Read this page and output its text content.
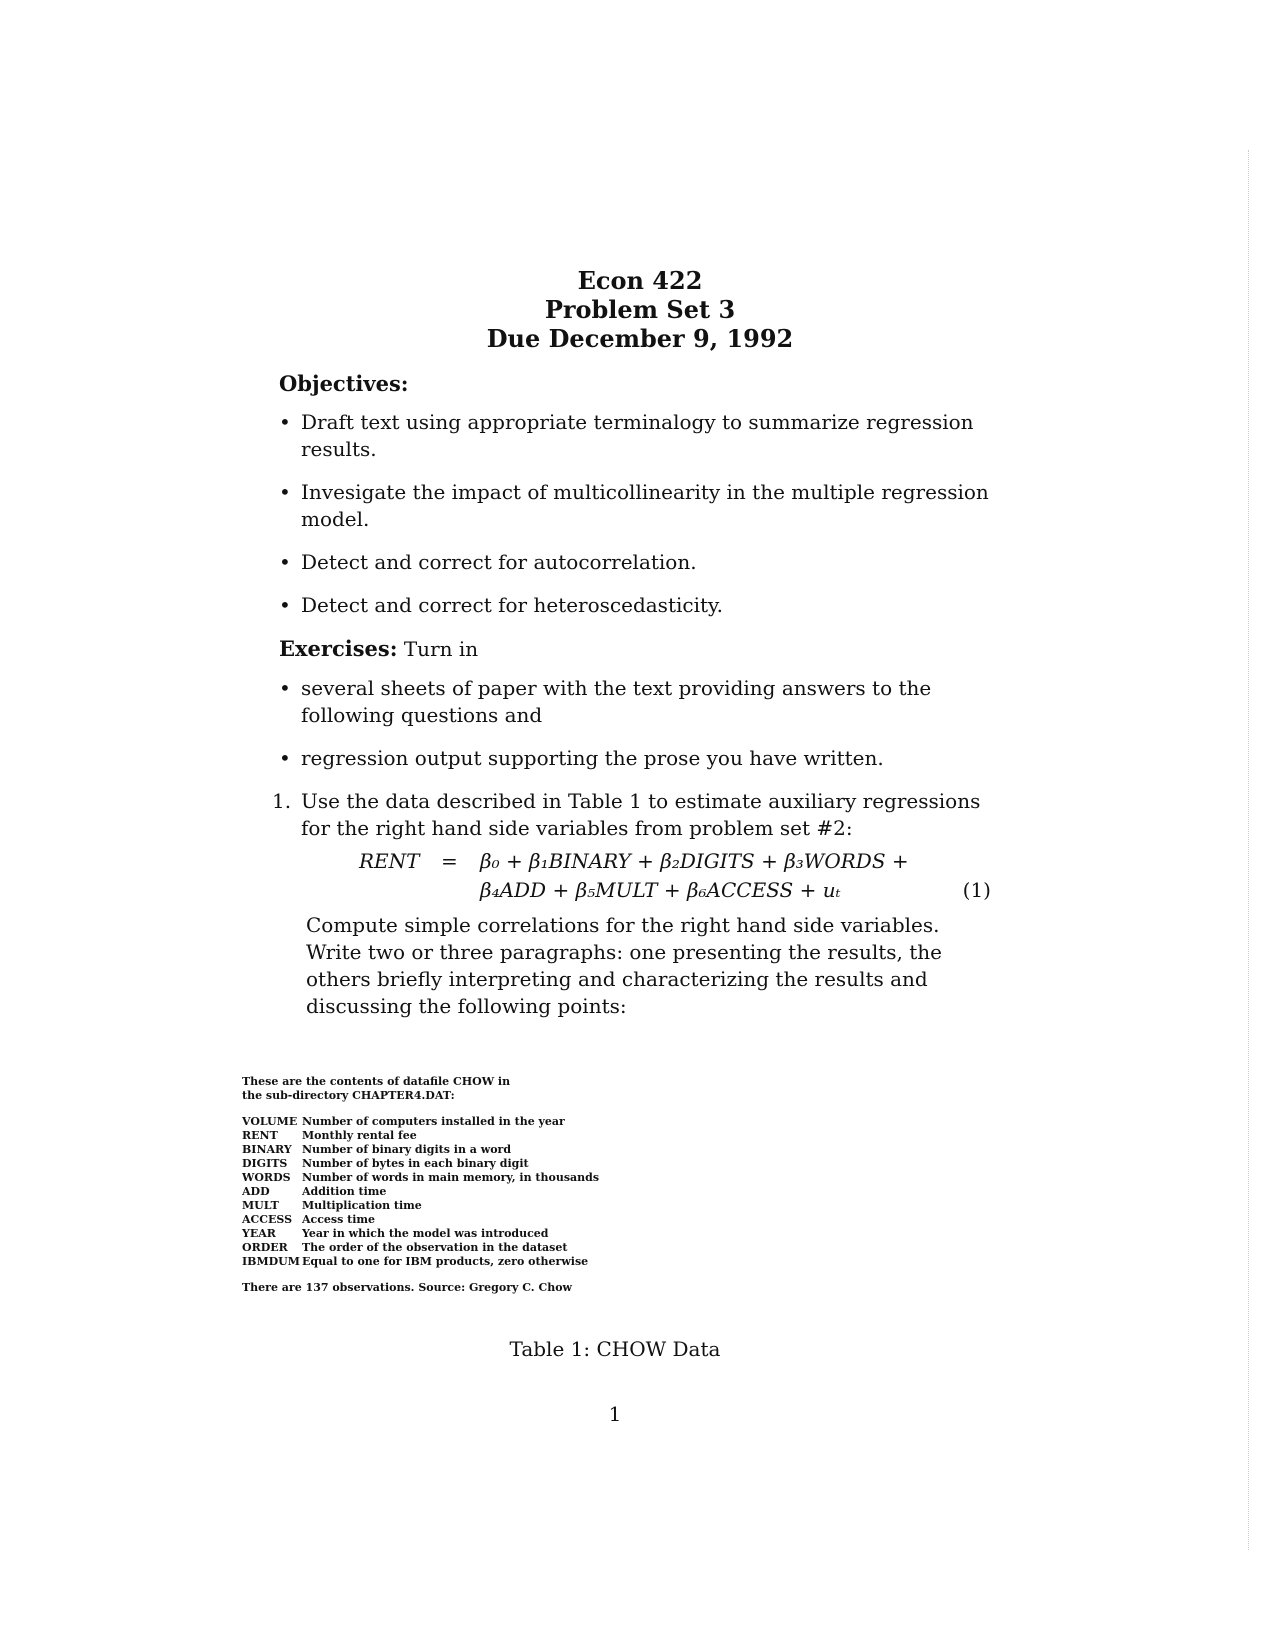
Econ 422
Problem Set 3
Due December 9, 1992
Objectives:
• Draft text using appropriate terminalogy to summarize regression results.
• Invesigate the impact of multicollinearity in the multiple regression model.
• Detect and correct for autocorrelation.
• Detect and correct for heteroscedasticity.
Exercises: Turn in
• several sheets of paper with the text providing answers to the following questions and
• regression output supporting the prose you have written.
1. Use the data described in Table 1 to estimate auxiliary regressions for the right hand side variables from problem set #2:
RENT = β₀ + β₁BINARY + β₂DIGITS + β₃WORDS +
β₄ADD + β₅MULT + β₆ACCESS + uₜ	(1)
Compute simple correlations for the right hand side variables. Write two or three paragraphs: one presenting the results, the others briefly interpreting and characterizing the results and discussing the following points:
These are the contents of datafile CHOW in
the sub-directory CHAPTER4.DAT:
VOLUME Number of computers installed in the year
RENT Monthly rental fee
BINARY Number of binary digits in a word
DIGITS Number of bytes in each binary digit
WORDS Number of words in main memory, in thousands
ADD	Addition time
MULT Multiplication time
ACCESS Access time
YEAR Year in which the model was introduced
ORDER The order of the observation in the dataset
IBMDUM Equal to one for IBM products, zero otherwise
There are 137 observations. Source: Gregory C. Chow
Table 1: CHOW Data
1
